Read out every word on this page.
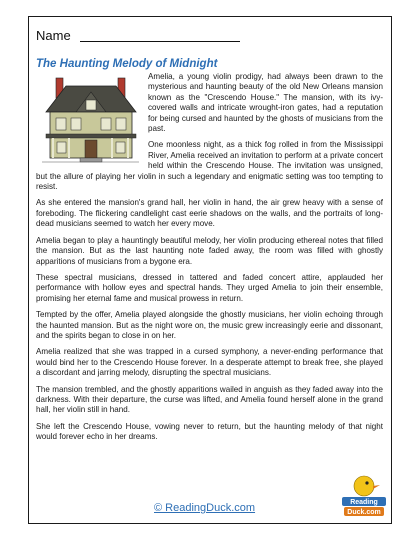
Name
The Haunting Melody of Midnight

Amelia, a young violin prodigy, had always been drawn to the mysterious and haunting beauty of the old New Orleans mansion known as the "Crescendo House." The mansion, with its ivy-covered walls and intricate wrought-iron gates, had a reputation for being cursed and haunted by the ghosts of musicians from the past.

One moonless night, as a thick fog rolled in from the Mississippi River, Amelia received an invitation to perform at a private concert held within the Crescendo House. The invitation was unsigned, but the allure of playing her violin in such a legendary and enigmatic setting was too tempting to resist.

As she entered the mansion's grand hall, her violin in hand, the air grew heavy with a sense of foreboding. The flickering candlelight cast eerie shadows on the walls, and the portraits of long-dead musicians seemed to watch her every move.

Amelia began to play a hauntingly beautiful melody, her violin producing ethereal notes that filled the mansion. But as the last haunting note faded away, the room was filled with ghostly apparitions of musicians from a bygone era.

These spectral musicians, dressed in tattered and faded concert attire, applauded her performance with hollow eyes and spectral hands. They urged Amelia to join their ensemble, promising her eternal fame and musical prowess in return.

Tempted by the offer, Amelia played alongside the ghostly musicians, her violin echoing through the haunted mansion. But as the night wore on, the music grew increasingly eerie and dissonant, and the spirits began to close in on her.

Amelia realized that she was trapped in a cursed symphony, a never-ending performance that would bind her to the Crescendo House forever. In a desperate attempt to break free, she played a discordant and jarring melody, disrupting the spectral musicians.

The mansion trembled, and the ghostly apparitions wailed in anguish as they faded away into the darkness. With their departure, the curse was lifted, and Amelia found herself alone in the grand hall, her violin still in hand.

She left the Crescendo House, vowing never to return, but the haunting melody of that night would forever echo in her dreams.

© ReadingDuck.com	Reading
Duck.com
